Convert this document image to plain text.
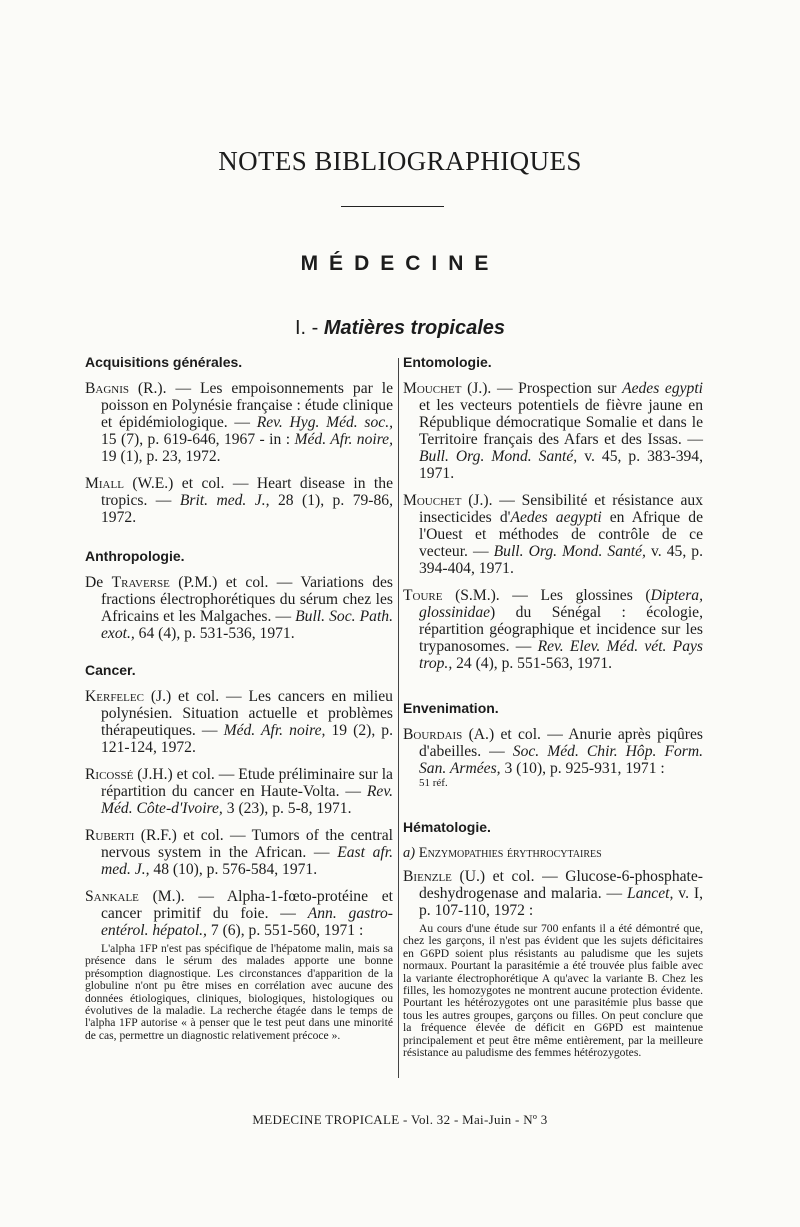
NOTES BIBLIOGRAPHIQUES
MÉDECINE
I. - Matières tropicales

Acquisitions générales.

Bagnis (R.). — Les empoisonnements par le poisson en Polynésie française : étude clinique et épidémiologique. — Rev. Hyg. Méd. soc., 15 (7), p. 619-646, 1967 - in : Méd. Afr. noire, 19 (1), p. 23, 1972.

Miall (W.E.) et col. — Heart disease in the tropics. — Brit. med. J., 28 (1), p. 79-86, 1972.

Anthropologie.

De Traverse (P.M.) et col. — Variations des fractions électrophorétiques du sérum chez les Africains et les Malgaches. — Bull. Soc. Path. exot., 64 (4), p. 531-536, 1971.

Cancer.

Kerfelec (J.) et col. — Les cancers en milieu polynésien. Situation actuelle et problèmes thérapeutiques. — Méd. Afr. noire, 19 (2), p. 121-124, 1972.

Ricossé (J.H.) et col. — Etude préliminaire sur la répartition du cancer en Haute-Volta. — Rev. Méd. Côte-d'Ivoire, 3 (23), p. 5-8, 1971.

Ruberti (R.F.) et col. — Tumors of the central nervous system in the African. — East afr. med. J., 48 (10), p. 576-584, 1971.

Sankale (M.). — Alpha-1-fœto-protéine et cancer primitif du foie. — Ann. gastro-entérol. hépatol., 7 (6), p. 551-560, 1971 :

L'alpha 1FP n'est pas spécifique de l'hépatome malin, mais sa présence dans le sérum des malades apporte une bonne présomption diagnostique. Les circonstances d'apparition de la globuline n'ont pu être mises en corrélation avec aucune des données étiologiques, cliniques, biologiques, histologiques ou évolutives de la maladie. La recherche étagée dans le temps de l'alpha 1FP autorise « à penser que le test peut dans une minorité de cas, permettre un diagnostic relativement précoce ».

Entomologie.

Mouchet (J.). — Prospection sur Aedes egypti et les vecteurs potentiels de fièvre jaune en République démocratique Somalie et dans le Territoire français des Afars et des Issas. — Bull. Org. Mond. Santé, v. 45, p. 383-394, 1971.

Mouchet (J.). — Sensibilité et résistance aux insecticides d'Aedes aegypti en Afrique de l'Ouest et méthodes de contrôle de ce vecteur. — Bull. Org. Mond. Santé, v. 45, p. 394-404, 1971.

Toure (S.M.). — Les glossines (Diptera, glossinidae) du Sénégal : écologie, répartition géographique et incidence sur les trypanosomes. — Rev. Elev. Méd. vét. Pays trop., 24 (4), p. 551-563, 1971.

Envenimation.

Bourdais (A.) et col. — Anurie après piqûres d'abeilles. — Soc. Méd. Chir. Hôp. Form. San. Armées, 3 (10), p. 925-931, 1971 :

51 réf.

Hématologie.

a) Enzymopathies érythrocytaires

Bienzle (U.) et col. — Glucose-6-phosphate-deshydrogenase and malaria. — Lancet, v. I, p. 107-110, 1972 :

Au cours d'une étude sur 700 enfants il a été démontré que, chez les garçons, il n'est pas évident que les sujets déficitaires en G6PD soient plus résistants au paludisme que les sujets normaux. Pourtant la parasitémie a été trouvée plus faible avec la variante électrophorétique A qu'avec la variante B. Chez les filles, les homozygotes ne montrent aucune protection évidente. Pourtant les hétérozygotes ont une parasitémie plus basse que tous les autres groupes, garçons ou filles. On peut conclure que la fréquence élevée de déficit en G6PD est maintenue principalement et peut être même entièrement, par la meilleure résistance au paludisme des femmes hétérozygotes.

MEDECINE TROPICALE - Vol. 32 - Mai-Juin - Nº 3
